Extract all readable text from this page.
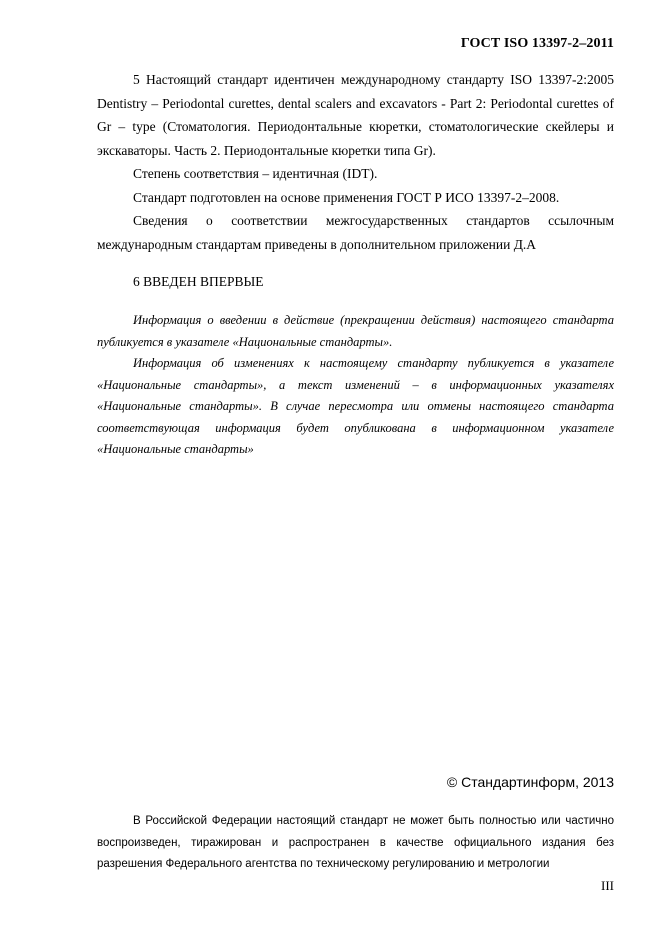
ГОСТ ISO 13397-2–2011

5 Настоящий стандарт идентичен международному стандарту ISO 13397-2:2005 Dentistry – Periodontal curettes, dental scalers and excavators - Part 2: Periodontal curettes of Gr – type (Стоматология. Периодонтальные кюретки, стоматологические скейлеры и экскаваторы. Часть 2. Периодонтальные кюретки типа Gr).

Степень соответствия – идентичная (IDT).

Стандарт подготовлен на основе применения ГОСТ Р ИСО 13397-2–2008.

Сведения о соответствии межгосударственных стандартов ссылочным международным стандартам приведены в дополнительном приложении Д.А

6 ВВЕДЕН ВПЕРВЫЕ

Информация о введении в действие (прекращении действия) настоящего стандарта публикуется в указателе «Национальные стандарты».

Информация об изменениях к настоящему стандарту публикуется в указателе «Национальные стандарты», а текст изменений – в информационных указателях «Национальные стандарты». В случае пересмотра или отмены настоящего стандарта соответствующая информация будет опубликована в информационном указателе «Национальные стандарты»

© Стандартинформ, 2013

В Российской Федерации настоящий стандарт не может быть полностью или частично воспроизведен, тиражирован и распространен в качестве официального издания без разрешения Федерального агентства по техническому регулированию и метрологии

III
